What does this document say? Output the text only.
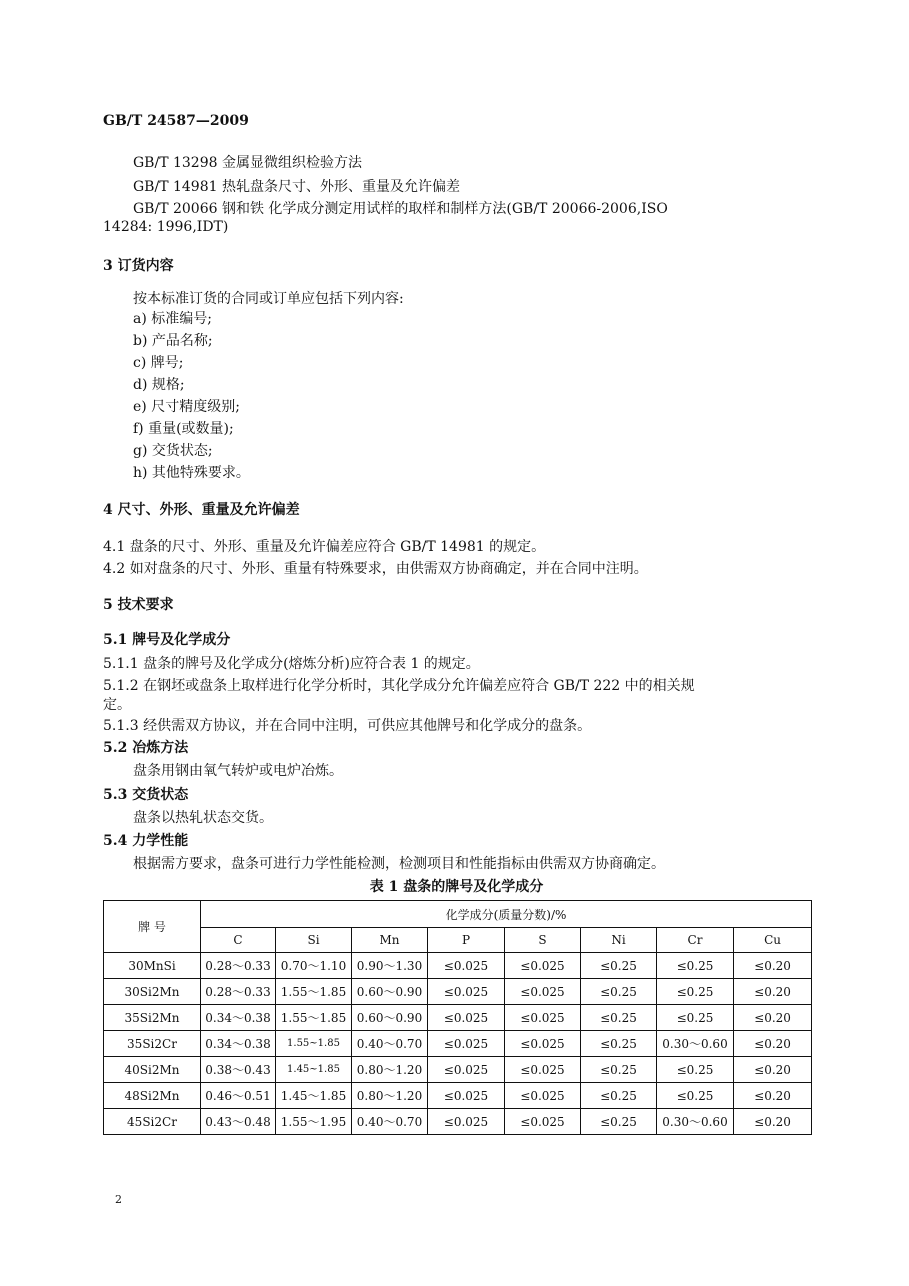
GB/T 24587—2009
GB/T 13298 金属显微组织检验方法
GB/T 14981 热轧盘条尺寸、外形、重量及允许偏差
GB/T 20066 钢和铁 化学成分测定用试样的取样和制样方法(GB/T 20066-2006,ISO
14284: 1996,IDT)
3 订货内容
按本标准订货的合同或订单应包括下列内容:
a) 标准编号;
b) 产品名称;
c) 牌号;
d) 规格;
e) 尺寸精度级别;
f) 重量(或数量);
g) 交货状态;
h) 其他特殊要求。
4 尺寸、外形、重量及允许偏差
4.1 盘条的尺寸、外形、重量及允许偏差应符合 GB/T 14981 的规定。
4.2 如对盘条的尺寸、外形、重量有特殊要求，由供需双方协商确定，并在合同中注明。
5 技术要求
5.1 牌号及化学成分
5.1.1 盘条的牌号及化学成分(熔炼分析)应符合表 1 的规定。
5.1.2 在钢坯或盘条上取样进行化学分析时，其化学成分允许偏差应符合 GB/T 222 中的相关规
定。
5.1.3 经供需双方协议，并在合同中注明，可供应其他牌号和化学成分的盘条。
5.2 冶炼方法
盘条用钢由氧气转炉或电炉冶炼。
5.3 交货状态
盘条以热轧状态交货。
5.4 力学性能
根据需方要求，盘条可进行力学性能检测，检测项目和性能指标由供需双方协商确定。
表 1 盘条的牌号及化学成分
牌 号	化学成分(质量分数)/%							
	C	Si	Mn	P	S	Ni	Cr	Cu
30MnSi	0.28～0.33	0.70～1.10	0.90～1.30	≤0.025	≤0.025	≤0.25	≤0.25	≤0.20
30Si2Mn	0.28～0.33	1.55～1.85	0.60～0.90	≤0.025	≤0.025	≤0.25	≤0.25	≤0.20
35Si2Mn	0.34～0.38	1.55～1.85	0.60～0.90	≤0.025	≤0.025	≤0.25	≤0.25	≤0.20
35Si2Cr	0.34～0.38	1.55~1.85	0.40～0.70	≤0.025	≤0.025	≤0.25	0.30～0.60	≤0.20
40Si2Mn	0.38～0.43	1.45~1.85	0.80～1.20	≤0.025	≤0.025	≤0.25	≤0.25	≤0.20
48Si2Mn	0.46～0.51	1.45～1.85	0.80～1.20	≤0.025	≤0.025	≤0.25	≤0.25	≤0.20
45Si2Cr	0.43～0.48	1.55～1.95	0.40～0.70	≤0.025	≤0.025	≤0.25	0.30～0.60	≤0.20
2
